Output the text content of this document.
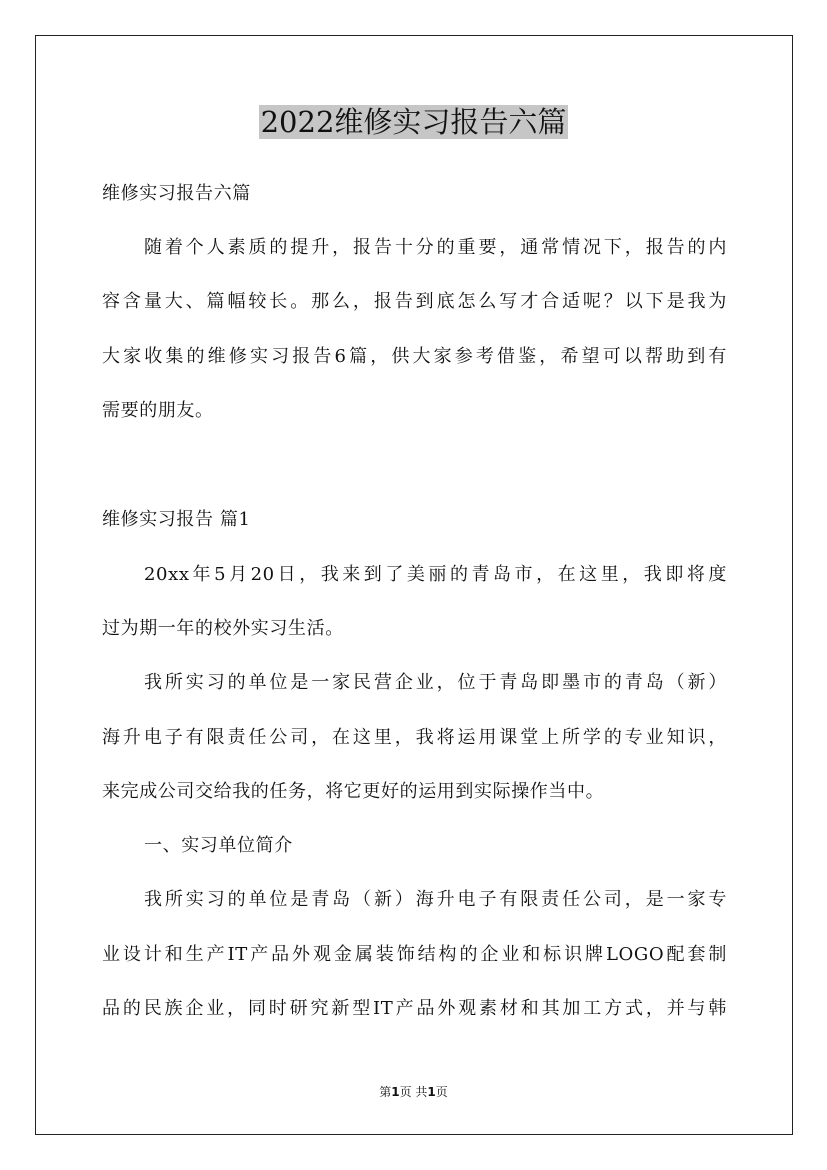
2022维修实习报告六篇
维修实习报告六篇
随着个人素质的提升，报告十分的重要，通常情况下，报告的内
容含量大、篇幅较长。那么，报告到底怎么写才合适呢？以下是我为
大家收集的维修实习报告6篇，供大家参考借鉴，希望可以帮助到有
需要的朋友。
维修实习报告 篇1
20xx年5月20日，我来到了美丽的青岛市，在这里，我即将度
过为期一年的校外实习生活。
我所实习的单位是一家民营企业，位于青岛即墨市的青岛（新）
海升电子有限责任公司，在这里，我将运用课堂上所学的专业知识，
来完成公司交给我的任务，将它更好的运用到实际操作当中。
一、实习单位简介
我所实习的单位是青岛（新）海升电子有限责任公司，是一家专
业设计和生产IT产品外观金属装饰结构的企业和标识牌LOGO配套制
品的民族企业，同时研究新型IT产品外观素材和其加工方式，并与韩
第1页 共1页
